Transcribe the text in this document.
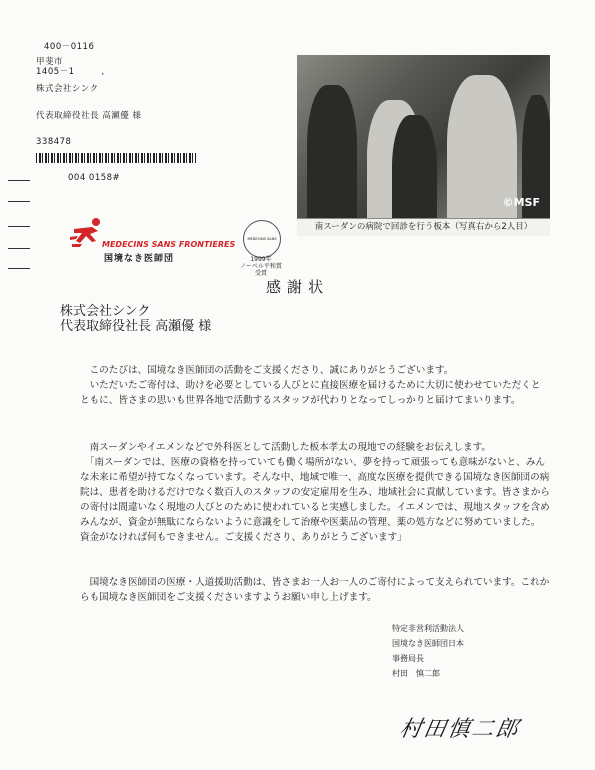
400－0116
甲斐市
1405－1　　　,
株式会社シンク
代表取締役社長 高瀬優 様
338478
004 0158#
©MSF
南スーダンの病院で回診を行う板本（写真右から2人目）
MEDECINS SANS FRONTIERES
国境なき医師団
MEDECINS SANS
1999年
ノーベル平和賞受賞
感謝状
株式会社シンク
代表取締役社長 高瀬優 様
このたびは、国境なき医師団の活動をご支援くださり、誠にありがとうございます。
いただいたご寄付は、助けを必要としている人びとに直接医療を届けるために大切に使わせていただくとともに、皆さまの思いも世界各地で活動するスタッフが代わりとなってしっかりと届けてまいります。
南スーダンやイエメンなどで外科医として活動した板本孝太の現地での経験をお伝えします。
「南スーダンでは、医療の資格を持っていても働く場所がない、夢を持って頑張っても意味がないと、みんな未来に希望が持てなくなっています。そんな中、地域で唯一、高度な医療を提供できる国境なき医師団の病院は、患者を助けるだけでなく数百人のスタッフの安定雇用を生み、地域社会に貢献しています。皆さまからの寄付は間違いなく現地の人びとのために使われていると実感しました。イエメンでは、現地スタッフを含めみんなが、資金が無駄にならないように意識をして治療や医薬品の管理、薬の処方などに努めていました。資金がなければ何もできません。ご支援くださり、ありがとうございます」
国境なき医師団の医療・人道援助活動は、皆さまお一人お一人のご寄付によって支えられています。これからも国境なき医師団をご支援くださいますようお願い申し上げます。
特定非営利活動法人
国境なき医師団日本
事務局長
村田　慎二郎
村田慎二郎
